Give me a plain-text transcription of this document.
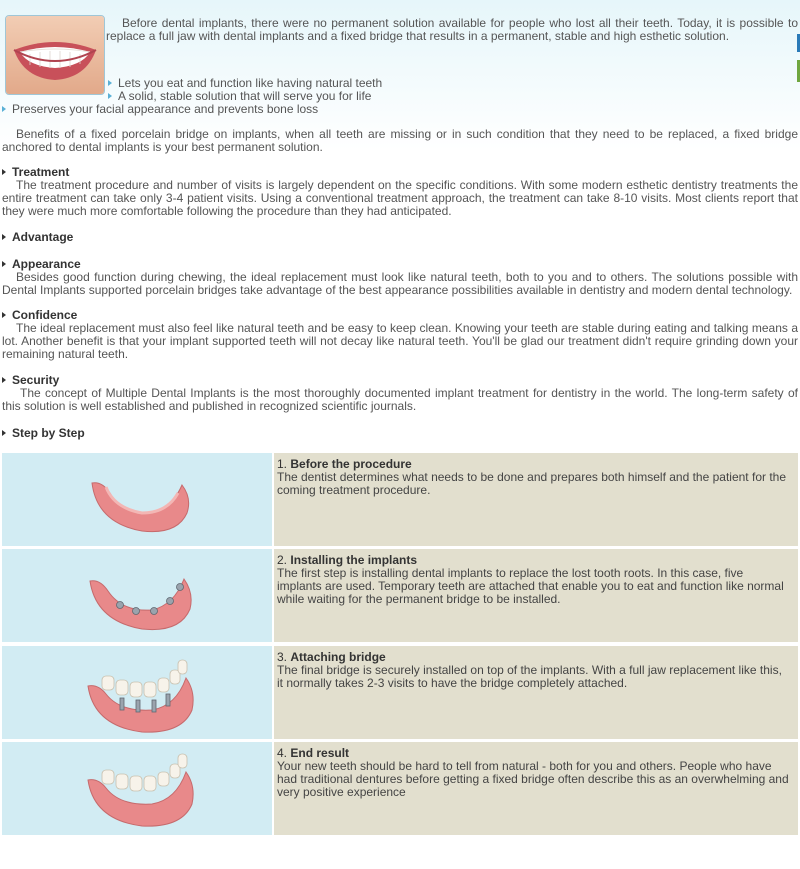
Before dental implants, there were no permanent solution available for people who lost all their teeth. Today, it is possible to replace a full jaw with dental implants and a fixed bridge that results in a permanent, stable and high esthetic solution.

Lets you eat and function like having natural teeth
A solid, stable solution that will serve you for life
Preserves your facial appearance and prevents bone loss

Benefits of a fixed porcelain bridge on implants, when all teeth are missing or in such condition that they need to be replaced, a fixed bridge anchored to dental implants is your best permanent solution.

Treatment

The treatment procedure and number of visits is largely dependent on the specific conditions. With some modern esthetic dentistry treatments the entire treatment can take only 3-4 patient visits. Using a conventional treatment approach, the treatment can take 8-10 visits. Most clients report that they were much more comfortable following the procedure than they had anticipated.

Advantage
Appearance

Besides good function during chewing, the ideal replacement must look like natural teeth, both to you and to others. The solutions possible with Dental Implants supported porcelain bridges take advantage of the best appearance possibilities available in dentistry and modern dental technology.

Confidence

The ideal replacement must also feel like natural teeth and be easy to keep clean. Knowing your teeth are stable during eating and talking means a lot. Another benefit is that your implant supported teeth will not decay like natural teeth. You'll be glad our treatment didn't require grinding down your remaining natural teeth.

Security

The concept of Multiple Dental Implants is the most thoroughly documented implant treatment for dentistry in the world. The long-term safety of this solution is well established and published in recognized scientific journals.

Step by Step
1. Before the procedure
The dentist determines what needs to be done and prepares both himself and the patient for the coming treatment procedure.
2. Installing the implants
The first step is installing dental implants to replace the lost tooth roots. In this case, five implants are used. Temporary teeth are attached that enable you to eat and function like normal while waiting for the permanent bridge to be installed.
3. Attaching bridge
The final bridge is securely installed on top of the implants. With a full jaw replacement like this, it normally takes 2-3 visits to have the bridge completely attached.
4. End result
Your new teeth should be hard to tell from natural - both for you and others. People who have had traditional dentures before getting a fixed bridge often describe this as an overwhelming and very positive experience
